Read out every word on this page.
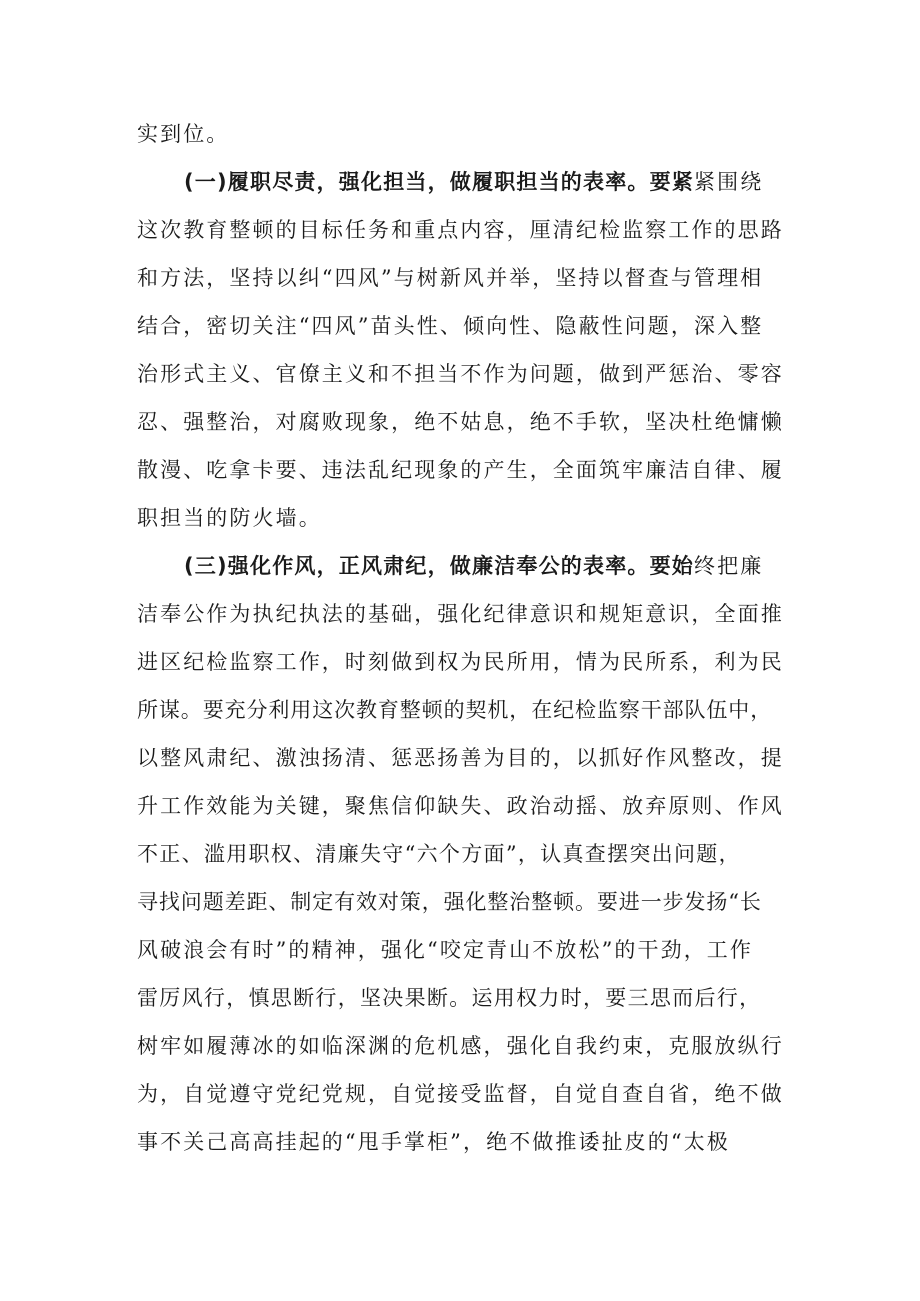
实到位。
(一)履职尽责，强化担当，做履职担当的表率。要紧紧围绕
这次教育整顿的目标任务和重点内容，厘清纪检监察工作的思路
和方法，坚持以纠“四风”与树新风并举，坚持以督查与管理相
结合，密切关注“四风”苗头性、倾向性、隐蔽性问题，深入整
治形式主义、官僚主义和不担当不作为问题，做到严惩治、零容
忍、强整治，对腐败现象，绝不姑息，绝不手软，坚决杜绝慵懒
散漫、吃拿卡要、违法乱纪现象的产生，全面筑牢廉洁自律、履
职担当的防火墙。
(三)强化作风，正风肃纪，做廉洁奉公的表率。要始终把廉
洁奉公作为执纪执法的基础，强化纪律意识和规矩意识，全面推
进区纪检监察工作，时刻做到权为民所用，情为民所系，利为民
所谋。要充分利用这次教育整顿的契机，在纪检监察干部队伍中，
以整风肃纪、激浊扬清、惩恶扬善为目的，以抓好作风整改，提
升工作效能为关键，聚焦信仰缺失、政治动摇、放弃原则、作风
不正、滥用职权、清廉失守“六个方面”，认真查摆突出问题，
寻找问题差距、制定有效对策，强化整治整顿。要进一步发扬“长
风破浪会有时”的精神，强化“咬定青山不放松”的干劲，工作
雷厉风行，慎思断行，坚决果断。运用权力时，要三思而后行，
树牢如履薄冰的如临深渊的危机感，强化自我约束，克服放纵行
为，自觉遵守党纪党规，自觉接受监督，自觉自查自省，绝不做
事不关己高高挂起的“甩手掌柜”，绝不做推诿扯皮的“太极
